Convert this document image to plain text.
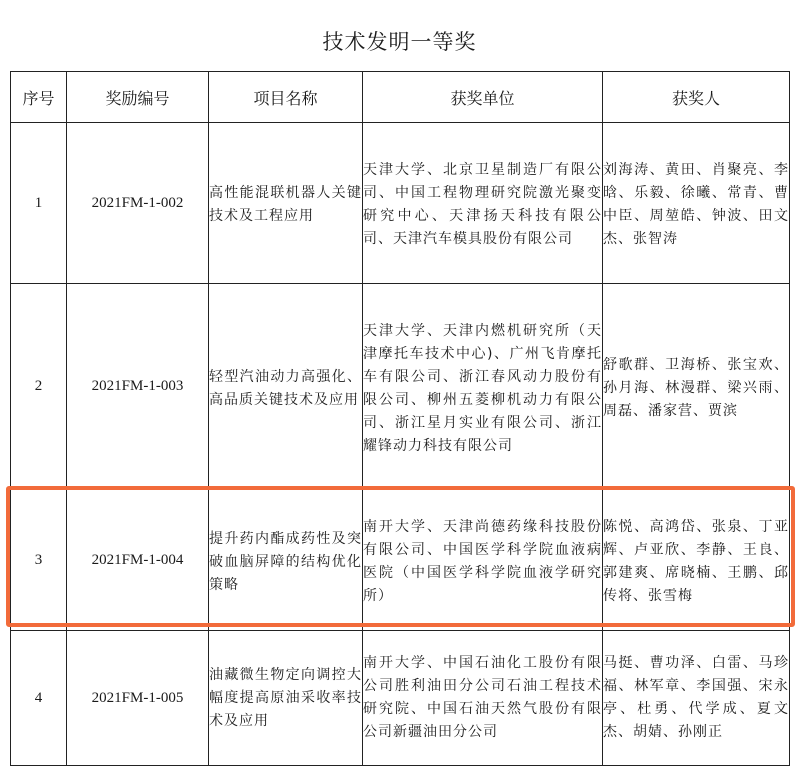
技术发明一等奖
序号	奖励编号	项目名称	获奖单位	获奖人
1	2021FM-1-002	高性能混联机器人关键技术及工程应用	天津大学、北京卫星制造厂有限公司、中国工程物理研究院激光聚变研究中心、天津扬天科技有限公司、天津汽车模具股份有限公司	刘海涛、黄田、肖聚亮、李晗、乐毅、徐曦、常青、曹中臣、周堃皓、钟波、田文杰、张智涛

2	2021FM-1-003	轻型汽油动力高强化、高品质关键技术及应用	天津大学、天津内燃机研究所（天津摩托车技术中心)、广州飞肯摩托车有限公司、浙江春风动力股份有限公司、柳州五菱柳机动力有限公司、浙江星月实业有限公司、浙江耀锋动力科技有限公司	舒歌群、卫海桥、张宝欢、孙月海、林漫群、梁兴雨、周磊、潘家营、贾滨

3	2021FM-1-004	提升药内酯成药性及突破血脑屏障的结构优化策略	南开大学、天津尚德药缘科技股份有限公司、中国医学科学院血液病医院（中国医学科学院血液学研究所）	陈悦、高鸿岱、张泉、丁亚辉、卢亚欣、李静、王良、郭建爽、席晓楠、王鹏、邱传将、张雪梅

4	2021FM-1-005	油藏微生物定向调控大幅度提高原油采收率技术及应用	南开大学、中国石油化工股份有限公司胜利油田分公司石油工程技术研究院、中国石油天然气股份有限公司新疆油田分公司	马挺、曹功泽、白雷、马珍福、林军章、李国强、宋永亭、杜勇、代学成、夏文杰、胡婧、孙刚正
